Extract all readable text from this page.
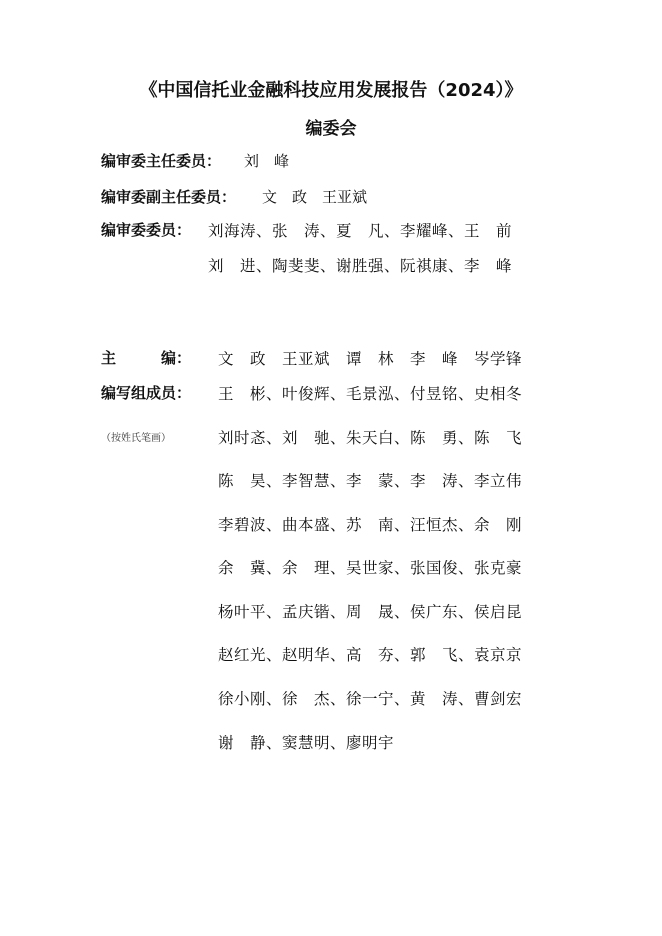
《中国信托业金融科技应用发展报告（2024）》
编委会
编审委主任委员： 刘　峰
编审委副主任委员： 文　政　王亚斌
编审委委员： 刘海涛、张　涛、夏　凡、李耀峰、王　前
刘　进、陶斐斐、谢胜强、阮祺康、李　峰
主　　　编： 文　政　王亚斌　谭　林　李　峰　岑学锋
编写组成员：
（按姓氏笔画）
王　彬、叶俊辉、毛景泓、付昱铭、史相冬
刘时忞、刘　驰、朱天白、陈　勇、陈　飞
陈　昊、李智慧、李　蒙、李　涛、李立伟
李碧波、曲本盛、苏　南、汪恒杰、余　刚
余　冀、余　理、吴世家、张国俊、张克豪
杨叶平、孟庆锴、周　晟、侯广东、侯启昆
赵红光、赵明华、高　夯、郭　飞、袁京京
徐小刚、徐　杰、徐一宁、黄　涛、曹剑宏
谢　静、窦慧明、廖明宇
